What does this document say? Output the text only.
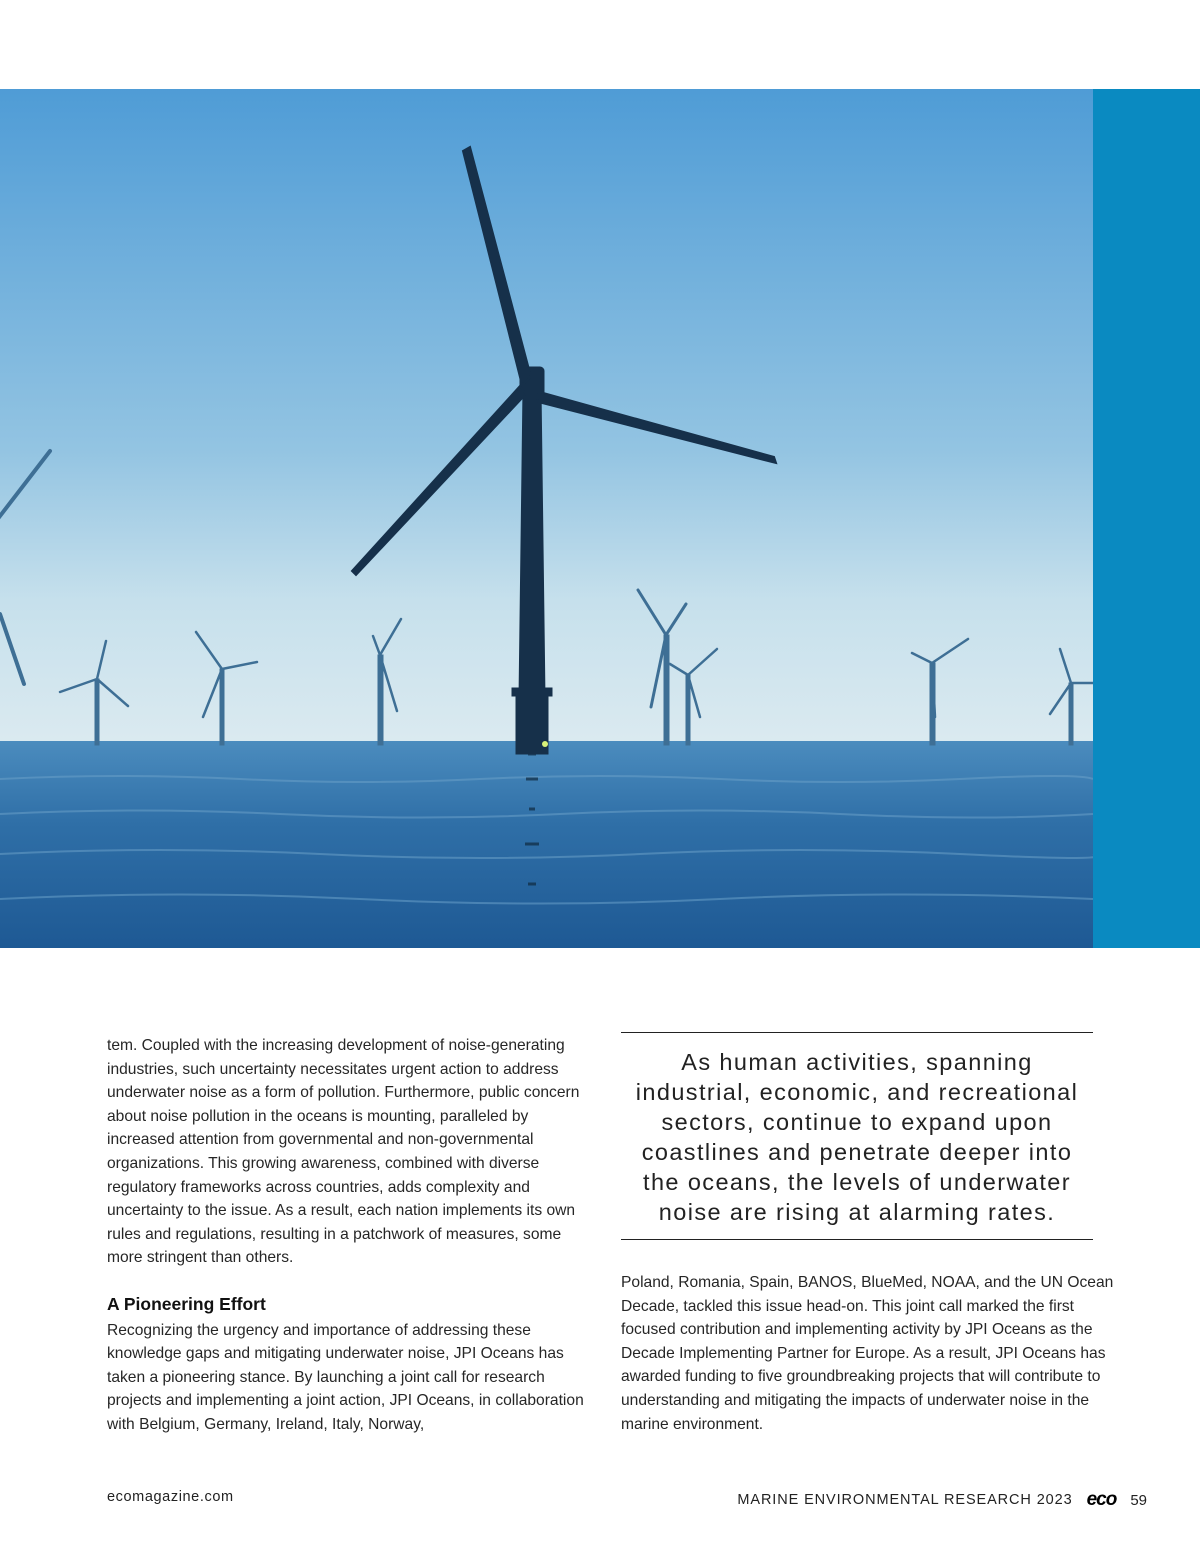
tem. Coupled with the increasing development of noise-generating industries, such uncertainty necessitates urgent action to address underwater noise as a form of pollution. Furthermore, public concern about noise pollution in the oceans is mounting, paralleled by increased attention from governmental and non-governmental organizations. This growing awareness, combined with diverse regulatory frameworks across countries, adds complexity and uncertainty to the issue. As a result, each nation implements its own rules and regulations, resulting in a patchwork of measures, some more stringent than others.

A Pioneering Effort

Recognizing the urgency and importance of addressing these knowledge gaps and mitigating underwater noise, JPI Oceans has taken a pioneering stance. By launching a joint call for research projects and implementing a joint action, JPI Oceans, in collaboration with Belgium, Germany, Ireland, Italy, Norway,

As human activities, spanning industrial, economic, and recreational sectors, continue to expand upon coastlines and penetrate deeper into the oceans, the levels of underwater noise are rising at alarming rates.

Poland, Romania, Spain, BANOS, BlueMed, NOAA, and the UN Ocean Decade, tackled this issue head-on. This joint call marked the first focused contribution and implementing activity by JPI Oceans as the Decade Implementing Partner for Europe. As a result, JPI Oceans has awarded funding to five groundbreaking projects that will contribute to understanding and mitigating the impacts of underwater noise in the marine environment.

ecomagazine.com	MARINE ENVIRONMENTAL RESEARCH 2023 eco 59
